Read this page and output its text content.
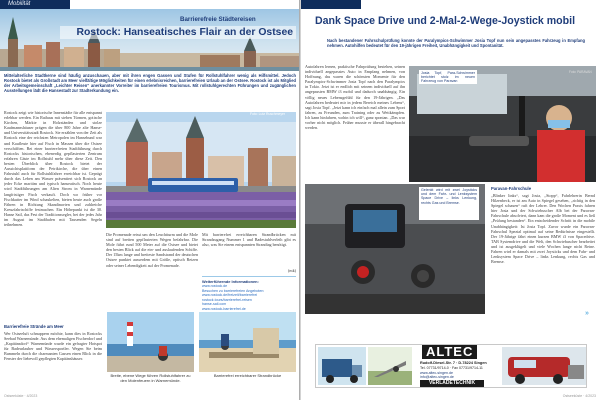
Mobilität
Barrierefreie Städtereisen
Rostock: Hanseatisches Flair an der Ostsee
Mittelalterliche Stadtkerne sind häufig anzuschauen, aber mit ihren engen Gassen und Stufen für Rollstuhlfahrer wenig als Hilfsmittel. Jedoch Rostock bietet als Großstadt am Meer vielfältige Möglichkeiten für einen erlebnisreichen, barrierefreien Urlaub an der Ostsee. Rostock ist als Mitglied der Arbeitsgemeinschaft „Leichter Reisen“ anerkannter Vorreiter im barrierefreien Tourismus. Mit rollstuhlgerechten Führungen und zugänglichen Ausstellungen lädt die Hansestadt zur Stadterkundung ein.
Rostock zeigt wie historische Innenstädte für alle entspannt erlebbar werden. Ein Rathaus mit sieben Türmen, gotische Kirchen, Märkte in Holzständen und stolze Kaufmannshäuser prägen die über 800 Jahre alte Hanse- und Universitätsstadt Rostock. Sie erzählen von der Zeit als Rostock eine der reichsten Metropolen im Hansebund war und Kaufleute hier auf Fisch in Massen über die Ostsee verschifften. Bei einer barrierefreien Stadtführung durch Rostocks historischen, ebenerdig gepflasterten Zentrum erfahren Gäste im Rollstuhl mehr über diese Zeit. Den besten Überblick über Rostock bietet der Aussichtsplattform der Petrikirche, die über einen Fahrstuhl auch für Rollstuhlfahrer erreichbar ist. Geprägt durch das Leben am Wasser präsentiert sich Rostock an jeder Ecke maritim und typisch hanseatisch. Noch heute wird Stadtführungen am Alten Strom in Warnemünde langfristiger Fisch verkauft. Doch wo früher vor Fischkutter im Wind schaukelten, bieten heute auch große Fähren in Richtung Skandinavien und zahlreiche Kreuzfahrtschiffe festmachen. Ein Höhepunkt ist die 30. Hanse Sail, das Fest der Traditionssegler, bei der jedes Jahr im August im Stadthafen mit Tausenden Segeln teilnehmen.
Barrierefreie Strände am Meer
Wer Ostseeluft schnuppern möchte, kann dies in Rostocks Seebad Warnemünde. Aus dem ehemaligen Fischerdorf und „Kapitänsdorf“ Warnemünde wurde ein gefragter Hotspot für Badeurlauber und Wassersportler. Wegen Sie beim Bummeln durch die charmanten Gassen einen Blick in die Fenster der liebevoll gepflegten Kapitänshäuser.
Foto: Lutz Ruschmeyer
Die Promenade reisst um den Leuchtturm und die Mole sind auf breiten gepflasterten Wegen befahrbar. Die Mole führt rund 500 Meter auf die Ostsee und bietet den besten Blick auf die ein- und auslaufenden Schiffe. Der 15km lange und breiteste Sandstrand der deutschen Ostsee punktet ausserdem mit Größe, optisch Reizen oder seiner Lebendigkeit auf der Promenade.
Mit barrierefrei erreichbaren Strandbrücken mit Strandzugang Nummer 1 und Badestuhlverleih gibt es also, was Sie einem entspannten Strandtag benötigt.
(mk)
Weiterführende Informationen:
www.rostock.de
Besuchen zu barrierefreien Angeboten:
www.rostock.de/freizeit/barrierefrei
rostock.tours/barrierefrei-reisen
hanse-sail.com
www.rostock-barrierefrei.de
Breite, ebene Wege führen Rollstuhlfahrer zu den Molenfeuern in Warnemünde.
Barrierefrei erreichbarer Strandbrücke
Ostseeküste · 4/2023
Dank Space Drive und 2-Mal-2-Wege-Joystick mobil
Nach bestandener Fahrschulprüfung konnte der Paralympics-Schwimmer Josia Topf nun sein angepasstes Fahrzeug in Empfang nehmen. Autohilfen bedeutet für den 19-jährigen Freiheit, Unabhängigkeit und Spontanität.
Autofahren lernen, praktische Fahrprüfung bestehen, seinen individuell angepasstes Auto in Empfang nehmen, von Hoffnung, das waren die schönsten Momente für den Paralympics-Schwimmer Josia Topf nach den Paralympics in Tokio. Jetzt ist er endlich mit seinem individuell auf ihn angepassten BMW i3 mobil und dadurch unabhängig. Ein völlig neues Lebensgefühl für den 19-Jährigen. „Das Autofahren bedeutet mir in jedem Bereich meines Lebens“, sagt Josia Topf. „Jetzt kann ich einfach mal allein zum Sport fahren, zu Freunden, zum Training oder zu Wettkämpfen. Ich kann hinfahren, wohin ich will“, ganz spontan. „Das war vorher nicht möglich. Früher musste er überall hingebracht werden.
Josia Topf, Para-Schwimmer berichtet stolz im neuen Fahrzeug von Paravan
Foto: PARAVAN
Gelenkt wird mit zwei Joysticks und dem Fahr- und Lenksystem Space Drive – links Lenkung, rechts Gas und Bremse.
Paravan-Fahrschule
„Blinker links“, sagt Josia, „Stopp“, Fahrlehrerin Bernd Hilzenbeck, er ist am Auto in Spiegel gesehen, „richtig in den Spiegel schauen“ ruft der Lehrer. Den Wochen Praxis fahren hier Josia und der Schwiebuscher Alb bei der Paravan-Fahrschule absolviert, dann kam die große Moment und es ließ „Prüfung bestanden“. Ein entscheidender Schritt in die mobile Unabhängigkeit: Ist Josia Topf. Zuvor wurde ein Paravan-Fahrschul Spezial optimal auf seine Bedürfnisse eingestellt. Der 19-Jährige fährt einen kurzen BMW i3 von Spacedrive. TAB Systemdrive und die Welt, den Schwiebuscher bearbeitet und ist ausgeklügelt und viele Wochen lange nicht Reine. Fahren wird er damals mit zwei Joysticks und dem Fahr- und Lenksystem Space Drive – links Lenkung, rechts Gas und Bremse.
»
ALTEC
Rudolf-Diesel-Str. 7 · D-78224 Singen
Tel. 07731/9714-0 · Fax 07731/9714-11
www.altec-singen.de
info@altec-singen.de
VERLADETECHNIK
Ostseeküste · 4/2023
